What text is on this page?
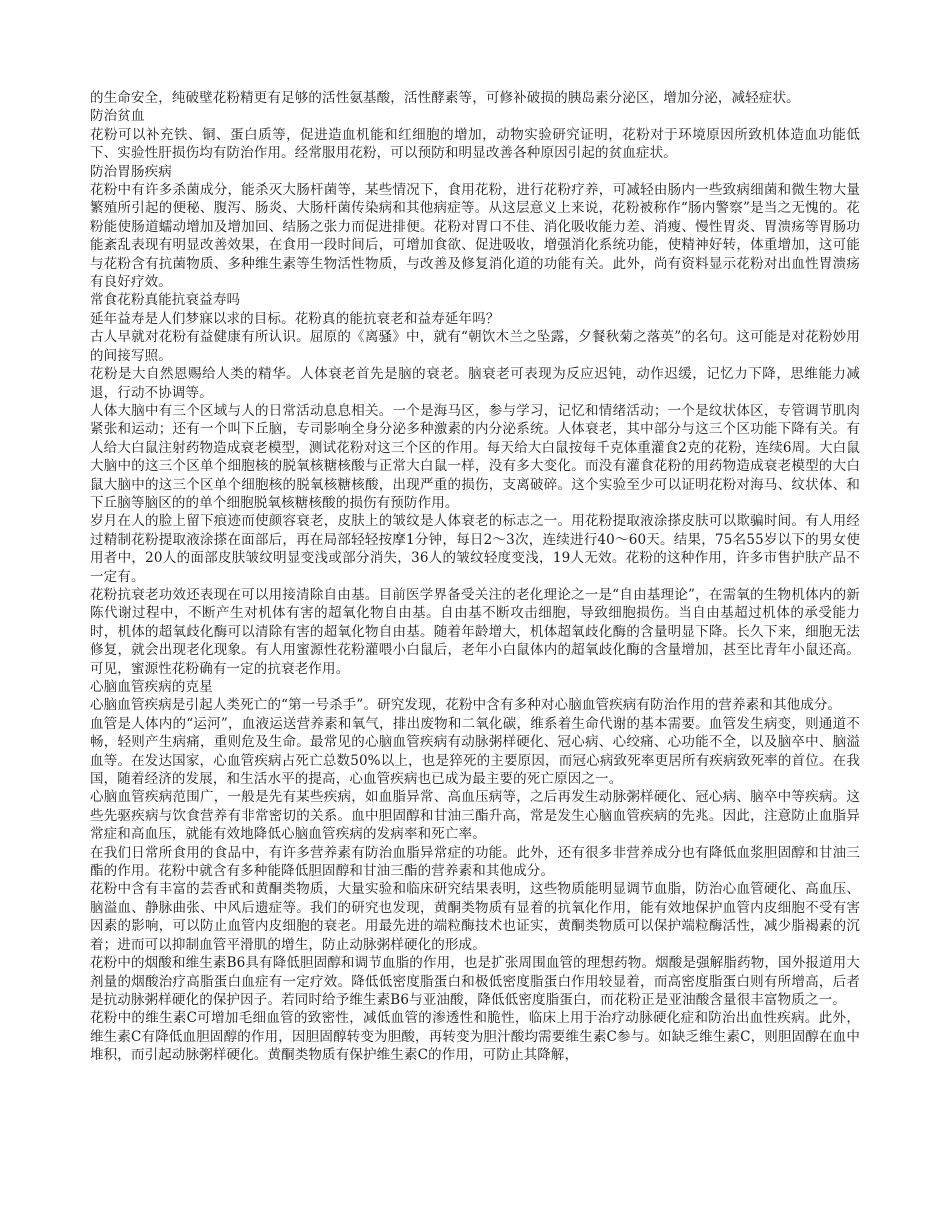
的生命安全，纯破壁花粉精更有足够的活性氨基酸，活性酵素等，可修补破损的胰岛素分泌区，增加分泌，减轻症状。

防治贫血

花粉可以补充铁、铜、蛋白质等，促进造血机能和红细胞的增加，动物实验研究证明，花粉对于环境原因所致机体造血功能低下、实验性肝损伤均有防治作用。经常服用花粉，可以预防和明显改善各种原因引起的贫血症状。

防治胃肠疾病

花粉中有许多杀菌成分，能杀灭大肠杆菌等，某些情况下，食用花粉，进行花粉疗养，可减轻由肠内一些致病细菌和微生物大量繁殖所引起的便秘、腹泻、肠炎、大肠杆菌传染病和其他病症等。从这层意义上来说，花粉被称作“肠内警察”是当之无愧的。花粉能使肠道蠕动增加及增加回、结肠之张力而促进排便。花粉对胃口不佳、消化吸收能力差、消瘦、慢性胃炎、胃溃疡等胃肠功能紊乱表现有明显改善效果，在食用一段时间后，可增加食欲、促进吸收，增强消化系统功能，使精神好转，体重增加，这可能与花粉含有抗菌物质、多种维生素等生物活性物质，与改善及修复消化道的功能有关。此外，尚有资料显示花粉对出血性胃溃疡有良好疗效。

常食花粉真能抗衰益寿吗

延年益寿是人们梦寐以求的目标。花粉真的能抗衰老和益寿延年吗？

古人早就对花粉有益健康有所认识。屈原的《离骚》中，就有“朝饮木兰之坠露，夕餐秋菊之落英”的名句。这可能是对花粉妙用的间接写照。

花粉是大自然恩赐给人类的精华。人体衰老首先是脑的衰老。脑衰老可表现为反应迟钝，动作迟缓，记忆力下降，思维能力减退，行动不协调等。

人体大脑中有三个区域与人的日常活动息息相关。一个是海马区，参与学习，记忆和情绪活动；一个是纹状体区，专管调节肌肉紧张和运动；还有一个叫下丘脑，专司影响全身分泌多种激素的内分泌系统。人体衰老，其中部分与这三个区功能下降有关。有人给大白鼠注射药物造成衰老模型，测试花粉对这三个区的作用。每天给大白鼠按每千克体重灌食2克的花粉，连续6周。大白鼠大脑中的这三个区单个细胞核的脱氧核糖核酸与正常大白鼠一样，没有多大变化。而没有灌食花粉的用药物造成衰老模型的大白鼠大脑中的这三个区单个细胞核的脱氧核糖核酸，出现严重的损伤，支离破碎。这个实验至少可以证明花粉对海马、纹状体、和下丘脑等脑区的的单个细胞脱氧核糖核酸的损伤有预防作用。

岁月在人的脸上留下痕迹而使颜容衰老，皮肤上的皱纹是人体衰老的标志之一。用花粉提取液涂搽皮肤可以欺骗时间。有人用经过精制花粉提取液涂搽在面部后，再在局部轻轻按摩1分钟，每日2～3次，连续进行40～60天。结果，75名55岁以下的男女使用者中，20人的面部皮肤皱纹明显变浅或部分消失，36人的皱纹轻度变浅，19人无效。花粉的这种作用，许多市售护肤产品不一定有。

花粉抗衰老功效还表现在可以用接清除自由基。目前医学界备受关注的老化理论之一是“自由基理论”，在需氧的生物机体内的新陈代谢过程中，不断产生对机体有害的超氧化物自由基。自由基不断攻击细胞，导致细胞损伤。当自由基超过机体的承受能力时，机体的超氧歧化酶可以清除有害的超氧化物自由基。随着年龄增大，机体超氧歧化酶的含量明显下降。长久下来，细胞无法修复，就会出现老化现象。有人用蜜源性花粉灌喂小白鼠后，老年小白鼠体内的超氧歧化酶的含量增加，甚至比青年小鼠还高。可见，蜜源性花粉确有一定的抗衰老作用。

心脑血管疾病的克星

心脑血管疾病是引起人类死亡的“第一号杀手”。研究发现，花粉中含有多种对心脑血管疾病有防治作用的营养素和其他成分。

血管是人体内的“运河”，血液运送营养素和氧气，排出废物和二氧化碳，维系着生命代谢的基本需要。血管发生病变，则通道不畅，轻则产生病痛，重则危及生命。最常见的心脑血管疾病有动脉粥样硬化、冠心病、心绞痛、心功能不全，以及脑卒中、脑溢血等。在发达国家，心血管疾病占死亡总数50%以上，也是猝死的主要原因，而冠心病致死率更居所有疾病致死率的首位。在我国，随着经济的发展，和生活水平的提高，心血管疾病也已成为最主要的死亡原因之一。

心脑血管疾病范围广，一般是先有某些疾病，如血脂异常、高血压病等，之后再发生动脉粥样硬化、冠心病、脑卒中等疾病。这些先驱疾病与饮食营养有非常密切的关系。血中胆固醇和甘油三酯升高，常是发生心脑血管疾病的先兆。因此，注意防止血脂异常症和高血压，就能有效地降低心脑血管疾病的发病率和死亡率。

在我们日常所食用的食品中，有许多营养素有防治血脂异常症的功能。此外，还有很多非营养成分也有降低血浆胆固醇和甘油三酯的作用。花粉中就含有多种能降低胆固醇和甘油三酯的营养素和其他成分。

花粉中含有丰富的芸香甙和黄酮类物质，大量实验和临床研究结果表明，这些物质能明显调节血脂，防治心血管硬化、高血压、脑溢血、静脉曲张、中风后遗症等。我们的研究也发现，黄酮类物质有显着的抗氧化作用，能有效地保护血管内皮细胞不受有害因素的影响，可以防止血管内皮细胞的衰老。用最先进的端粒酶技术也证实，黄酮类物质可以保护端粒酶活性，减少脂褐素的沉着；进而可以抑制血管平滑肌的增生，防止动脉粥样硬化的形成。

花粉中的烟酸和维生素B6具有降低胆固醇和调节血脂的作用，也是扩张周围血管的理想药物。烟酸是强解脂药物，国外报道用大剂量的烟酸治疗高脂蛋白血症有一定疗效。降低低密度脂蛋白和极低密度脂蛋白作用较显着，而高密度脂蛋白则有所增高，后者是抗动脉粥样硬化的保护因子。若同时给予维生素B6与亚油酸，降低低密度脂蛋白，而花粉正是亚油酸含量很丰富物质之一。

花粉中的维生素C可增加毛细血管的致密性，减低血管的渗透性和脆性，临床上用于治疗动脉硬化症和防治出血性疾病。此外，维生素C有降低血胆固醇的作用，因胆固醇转变为胆酸，再转变为胆汁酸均需要维生素C参与。如缺乏维生素C，则胆固醇在血中堆积，而引起动脉粥样硬化。黄酮类物质有保护维生素C的作用，可防止其降解，
